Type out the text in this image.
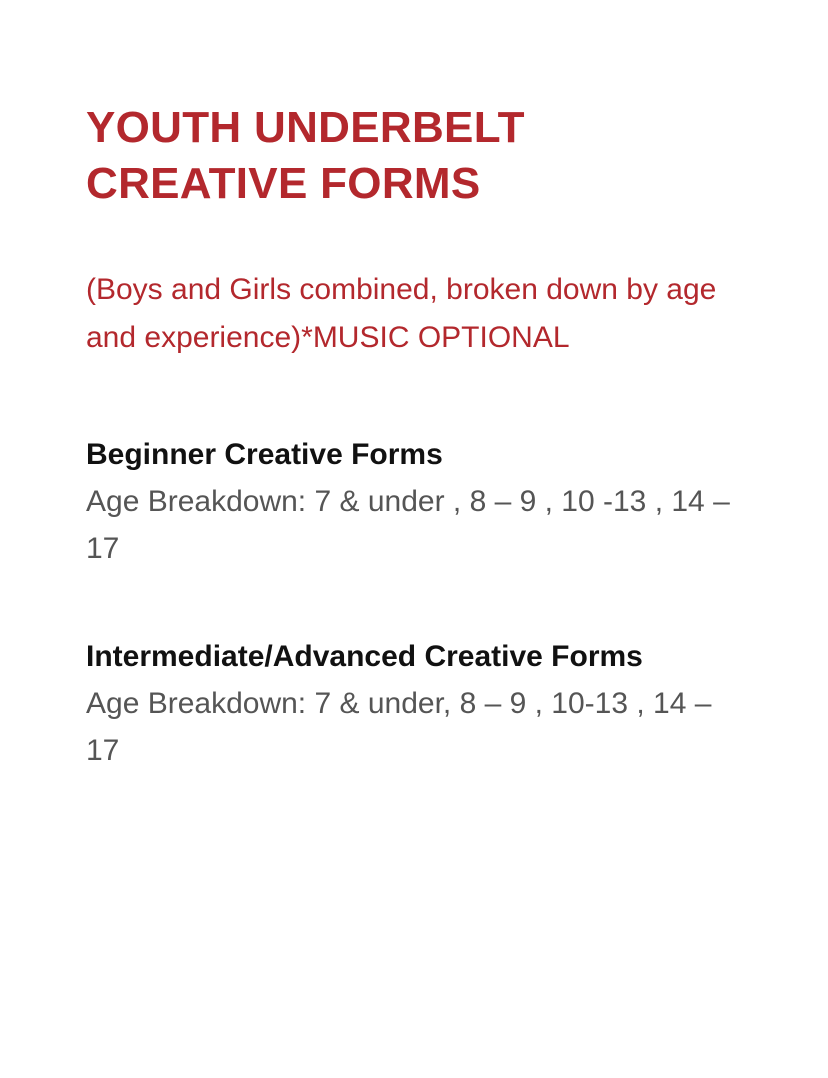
YOUTH UNDERBELT CREATIVE FORMS

(Boys and Girls combined, broken down by age and experience)*MUSIC OPTIONAL

Beginner Creative Forms

Age Breakdown: 7 & under , 8 – 9 , 10 -13 , 14 – 17

Intermediate/Advanced Creative Forms

Age Breakdown: 7 & under, 8 – 9 , 10-13 , 14 – 17
